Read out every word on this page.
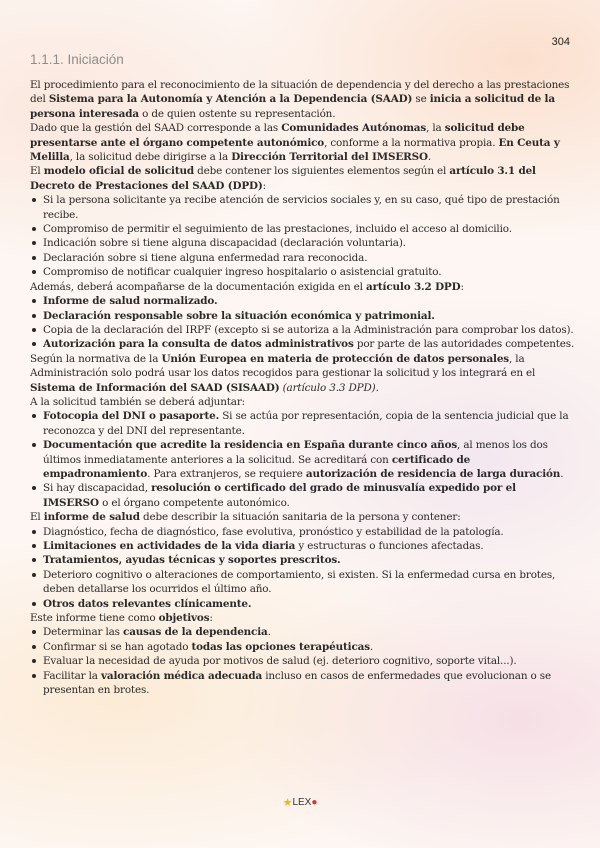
304
1.1.1. Iniciación

El procedimiento para el reconocimiento de la situación de dependencia y del derecho a las prestaciones del Sistema para la Autonomía y Atención a la Dependencia (SAAD) se inicia a solicitud de la persona interesada o de quien ostente su representación.

Dado que la gestión del SAAD corresponde a las Comunidades Autónomas, la solicitud debe presentarse ante el órgano competente autonómico, conforme a la normativa propia. En Ceuta y Melilla, la solicitud debe dirigirse a la Dirección Territorial del IMSERSO.

El modelo oficial de solicitud debe contener los siguientes elementos según el artículo 3.1 del Decreto de Prestaciones del SAAD (DPD):

Si la persona solicitante ya recibe atención de servicios sociales y, en su caso, qué tipo de prestación recibe.
Compromiso de permitir el seguimiento de las prestaciones, incluido el acceso al domicilio.
Indicación sobre si tiene alguna discapacidad (declaración voluntaria).
Declaración sobre si tiene alguna enfermedad rara reconocida.
Compromiso de notificar cualquier ingreso hospitalario o asistencial gratuito.

Además, deberá acompañarse de la documentación exigida en el artículo 3.2 DPD:

Informe de salud normalizado.
Declaración responsable sobre la situación económica y patrimonial.
Copia de la declaración del IRPF (excepto si se autoriza a la Administración para comprobar los datos).
Autorización para la consulta de datos administrativos por parte de las autoridades competentes.

Según la normativa de la Unión Europea en materia de protección de datos personales, la Administración solo podrá usar los datos recogidos para gestionar la solicitud y los integrará en el Sistema de Información del SAAD (SISAAD) (artículo 3.3 DPD).

A la solicitud también se deberá adjuntar:

Fotocopia del DNI o pasaporte. Si se actúa por representación, copia de la sentencia judicial que la reconozca y del DNI del representante.
Documentación que acredite la residencia en España durante cinco años, al menos los dos últimos inmediatamente anteriores a la solicitud. Se acreditará con certificado de empadronamiento. Para extranjeros, se requiere autorización de residencia de larga duración.
Si hay discapacidad, resolución o certificado del grado de minusvalía expedido por el IMSERSO o el órgano competente autonómico.

El informe de salud debe describir la situación sanitaria de la persona y contener:

Diagnóstico, fecha de diagnóstico, fase evolutiva, pronóstico y estabilidad de la patología.
Limitaciones en actividades de la vida diaria y estructuras o funciones afectadas.
Tratamientos, ayudas técnicas y soportes prescritos.
Deterioro cognitivo o alteraciones de comportamiento, si existen. Si la enfermedad cursa en brotes, deben detallarse los ocurridos el último año.
Otros datos relevantes clínicamente.

Este informe tiene como objetivos:

Determinar las causas de la dependencia.
Confirmar si se han agotado todas las opciones terapéuticas.
Evaluar la necesidad de ayuda por motivos de salud (ej. deterioro cognitivo, soporte vital...).
Facilitar la valoración médica adecuada incluso en casos de enfermedades que evolucionan o se presentan en brotes.
★LEX●
